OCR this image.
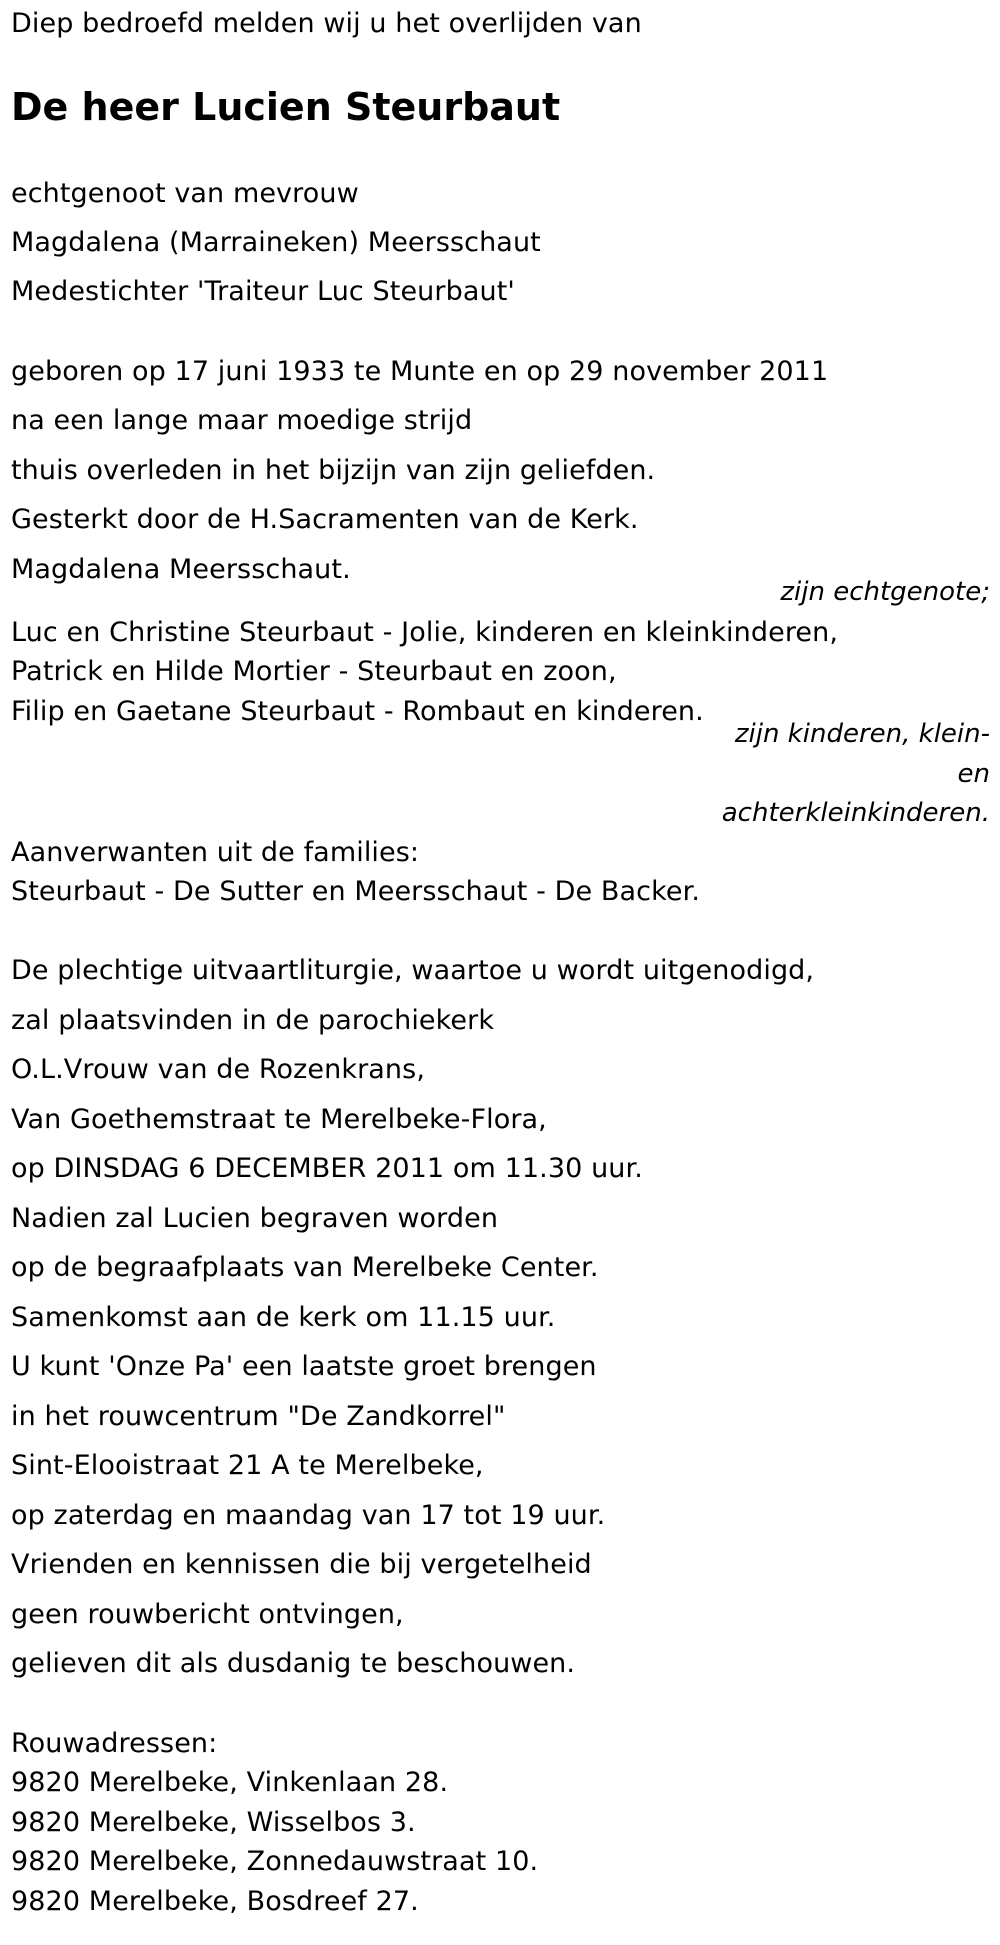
Diep bedroefd melden wij u het overlijden van
De heer Lucien Steurbaut
echtgenoot van mevrouw
Magdalena (Marraineken) Meersschaut
Medestichter 'Traiteur Luc Steurbaut'
geboren op 17 juni 1933 te Munte en op 29 november 2011
na een lange maar moedige strijd
thuis overleden in het bijzijn van zijn geliefden.
Gesterkt door de H.Sacramenten van de Kerk.
Magdalena Meersschaut.
zijn echtgenote;
Luc en Christine Steurbaut - Jolie, kinderen en kleinkinderen,
Patrick en Hilde Mortier - Steurbaut en zoon,
Filip en Gaetane Steurbaut - Rombaut en kinderen.
zijn kinderen, klein-
en
achterkleinkinderen.
Aanverwanten uit de families:
Steurbaut - De Sutter en Meersschaut - De Backer.
De plechtige uitvaartliturgie, waartoe u wordt uitgenodigd,
zal plaatsvinden in de parochiekerk
O.L.Vrouw van de Rozenkrans,
Van Goethemstraat te Merelbeke-Flora,
op DINSDAG 6 DECEMBER 2011 om 11.30 uur.
Nadien zal Lucien begraven worden
op de begraafplaats van Merelbeke Center.
Samenkomst aan de kerk om 11.15 uur.
U kunt 'Onze Pa' een laatste groet brengen
in het rouwcentrum "De Zandkorrel"
Sint-Elooistraat 21 A te Merelbeke,
op zaterdag en maandag van 17 tot 19 uur.
Vrienden en kennissen die bij vergetelheid
geen rouwbericht ontvingen,
gelieven dit als dusdanig te beschouwen.
Rouwadressen:
9820 Merelbeke, Vinkenlaan 28.
9820 Merelbeke, Wisselbos 3.
9820 Merelbeke, Zonnedauwstraat 10.
9820 Merelbeke, Bosdreef 27.
